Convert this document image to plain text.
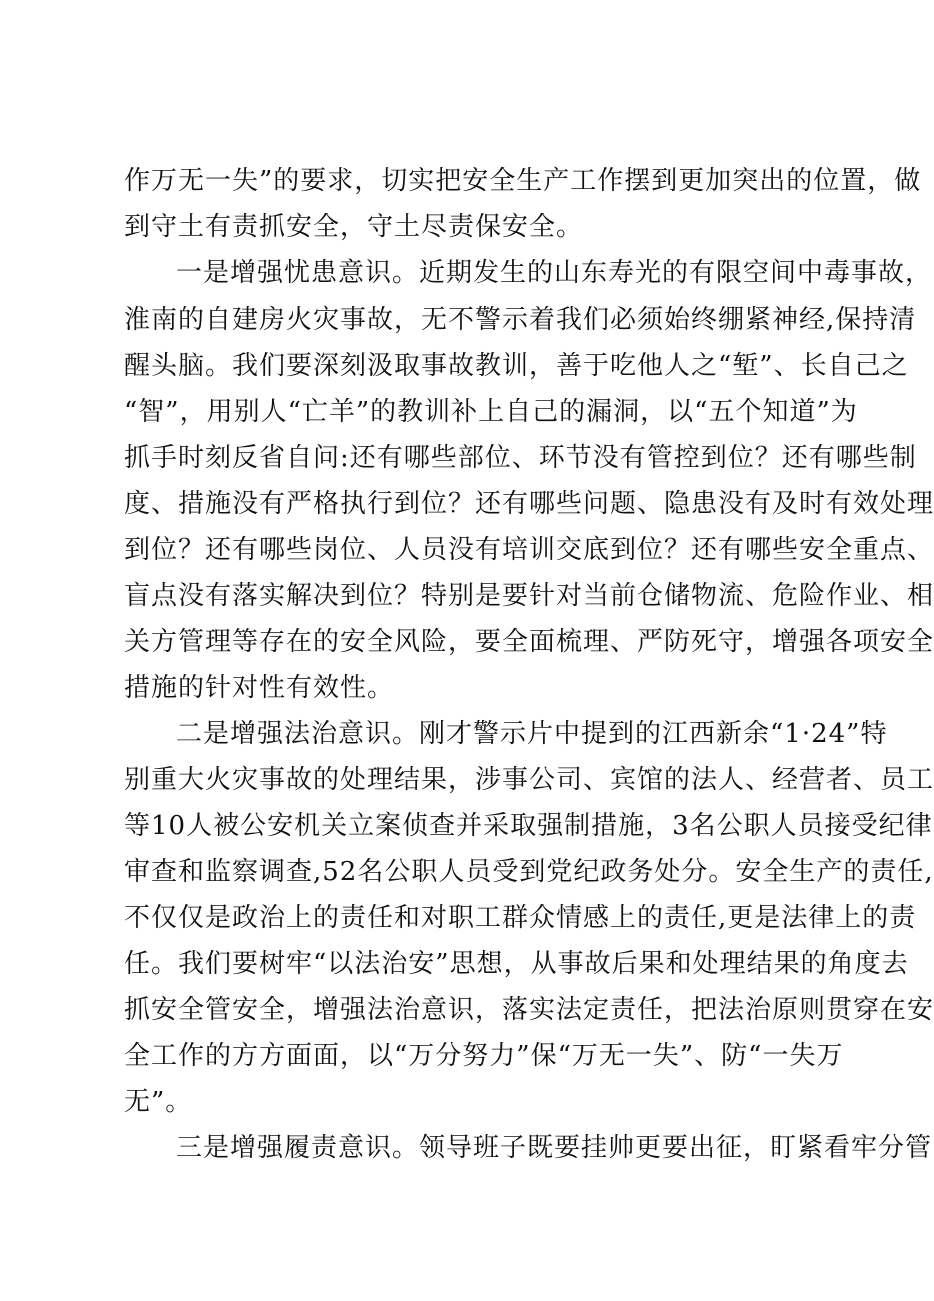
作万无一失”的要求，切实把安全生产工作摆到更加突出的位置，做
到守土有责抓安全，守土尽责保安全。
一是增强忧患意识。近期发生的山东寿光的有限空间中毒事故，
淮南的自建房火灾事故，无不警示着我们必须始终绷紧神经,保持清
醒头脑。我们要深刻汲取事故教训，善于吃他人之“堑”、长自己之
“智”，用别人“亡羊”的教训补上自己的漏洞，以“五个知道”为
抓手时刻反省自问:还有哪些部位、环节没有管控到位？还有哪些制
度、措施没有严格执行到位？还有哪些问题、隐患没有及时有效处理
到位？还有哪些岗位、人员没有培训交底到位？还有哪些安全重点、
盲点没有落实解决到位？特别是要针对当前仓储物流、危险作业、相
关方管理等存在的安全风险，要全面梳理、严防死守，增强各项安全
措施的针对性有效性。
二是增强法治意识。刚才警示片中提到的江西新余“1·24”特
别重大火灾事故的处理结果，涉事公司、宾馆的法人、经营者、员工
等10人被公安机关立案侦查并采取强制措施，3名公职人员接受纪律
审查和监察调查,52名公职人员受到党纪政务处分。安全生产的责任,
不仅仅是政治上的责任和对职工群众情感上的责任,更是法律上的责
任。我们要树牢“以法治安”思想，从事故后果和处理结果的角度去
抓安全管安全，增强法治意识，落实法定责任，把法治原则贯穿在安
全工作的方方面面，以“万分努力”保“万无一失”、防“一失万
无”。
三是增强履责意识。领导班子既要挂帅更要出征，盯紧看牢分管
